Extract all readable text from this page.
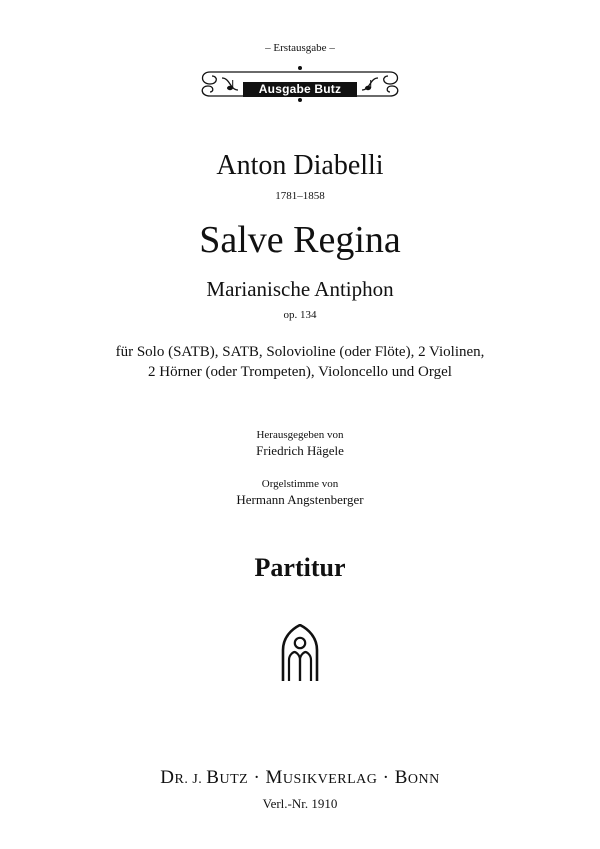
– Erstausgabe –
Ausgabe Butz
Anton Diabelli
1781–1858
Salve Regina
Marianische Antiphon
op. 134
für Solo (SATB), SATB, Solovioline (oder Flöte), 2 Violinen,
2 Hörner (oder Trompeten), Violoncello und Orgel
Herausgegeben von
Friedrich Hägele
Orgelstimme von
Hermann Angstenberger
Partitur
DR. J. BUTZ · MUSIKVERLAG · BONN
Verl.-Nr. 1910
